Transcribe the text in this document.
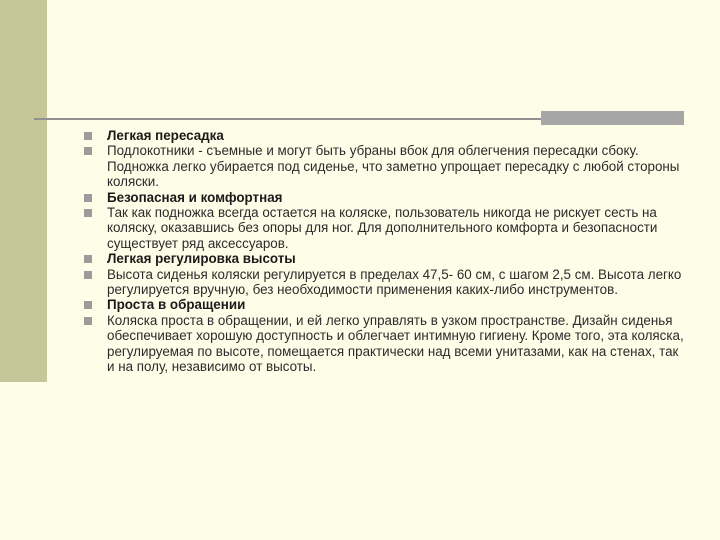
Легкая пересадка
Подлокотники - съемные и могут быть убраны вбок для облегчения пересадки сбоку. Подножка легко убирается под сиденье, что заметно упрощает пересадку с любой стороны коляски.
Безопасная и комфортная
Так как подножка всегда остается на коляске, пользователь никогда не рискует сесть на коляску, оказавшись без опоры для ног. Для дополнительного комфорта и безопасности существует ряд аксессуаров.
Легкая регулировка высоты
Высота сиденья коляски регулируется в пределах 47,5- 60 см, с шагом 2,5 см. Высота легко регулируется вручную, без необходимости применения каких-либо инструментов.
Проста в обращении
Коляска проста в обращении, и ей легко управлять в узком пространстве. Дизайн сиденья обеспечивает хорошую доступность и облегчает интимную гигиену. Кроме того, эта коляска, регулируемая по высоте, помещается практически над всеми унитазами, как на стенах, так и на полу, независимо от высоты.
